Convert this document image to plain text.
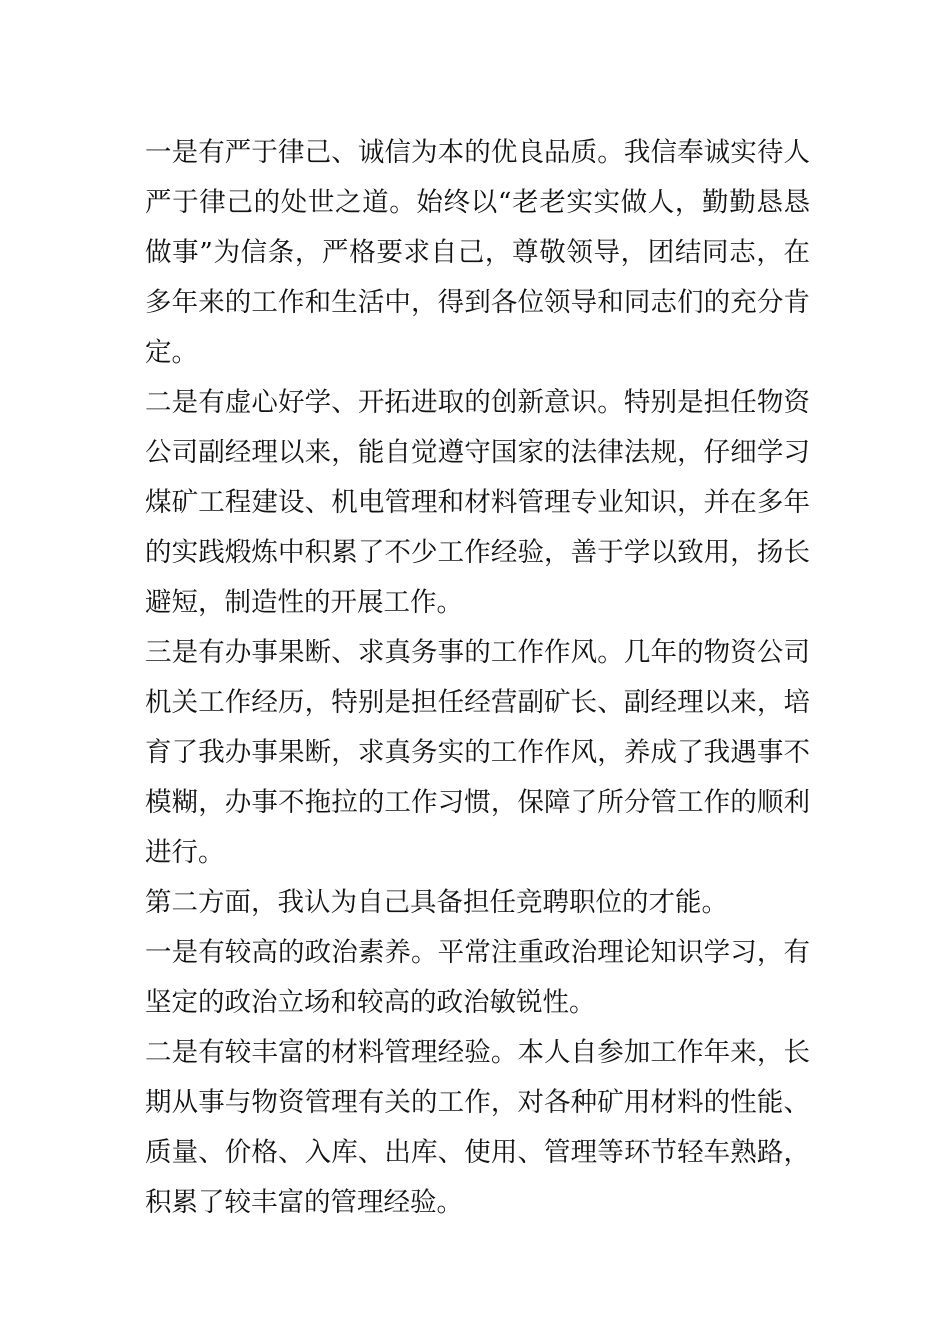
一是有严于律己、诚信为本的优良品质。我信奉诚实待人严于律己的处世之道。始终以“老老实实做人，勤勤恳恳做事”为信条，严格要求自己，尊敬领导，团结同志，在多年来的工作和生活中，得到各位领导和同志们的充分肯定。

二是有虚心好学、开拓进取的创新意识。特别是担任物资公司副经理以来，能自觉遵守国家的法律法规，仔细学习煤矿工程建设、机电管理和材料管理专业知识，并在多年的实践煅炼中积累了不少工作经验，善于学以致用，扬长避短，制造性的开展工作。

三是有办事果断、求真务事的工作作风。几年的物资公司机关工作经历，特别是担任经营副矿长、副经理以来，培育了我办事果断，求真务实的工作作风，养成了我遇事不模糊，办事不拖拉的工作习惯，保障了所分管工作的顺利进行。

第二方面，我认为自己具备担任竞聘职位的才能。

一是有较高的政治素养。平常注重政治理论知识学习，有坚定的政治立场和较高的政治敏锐性。

二是有较丰富的材料管理经验。本人自参加工作年来，长期从事与物资管理有关的工作，对各种矿用材料的性能、质量、价格、入库、出库、使用、管理等环节轻车熟路，积累了较丰富的管理经验。
